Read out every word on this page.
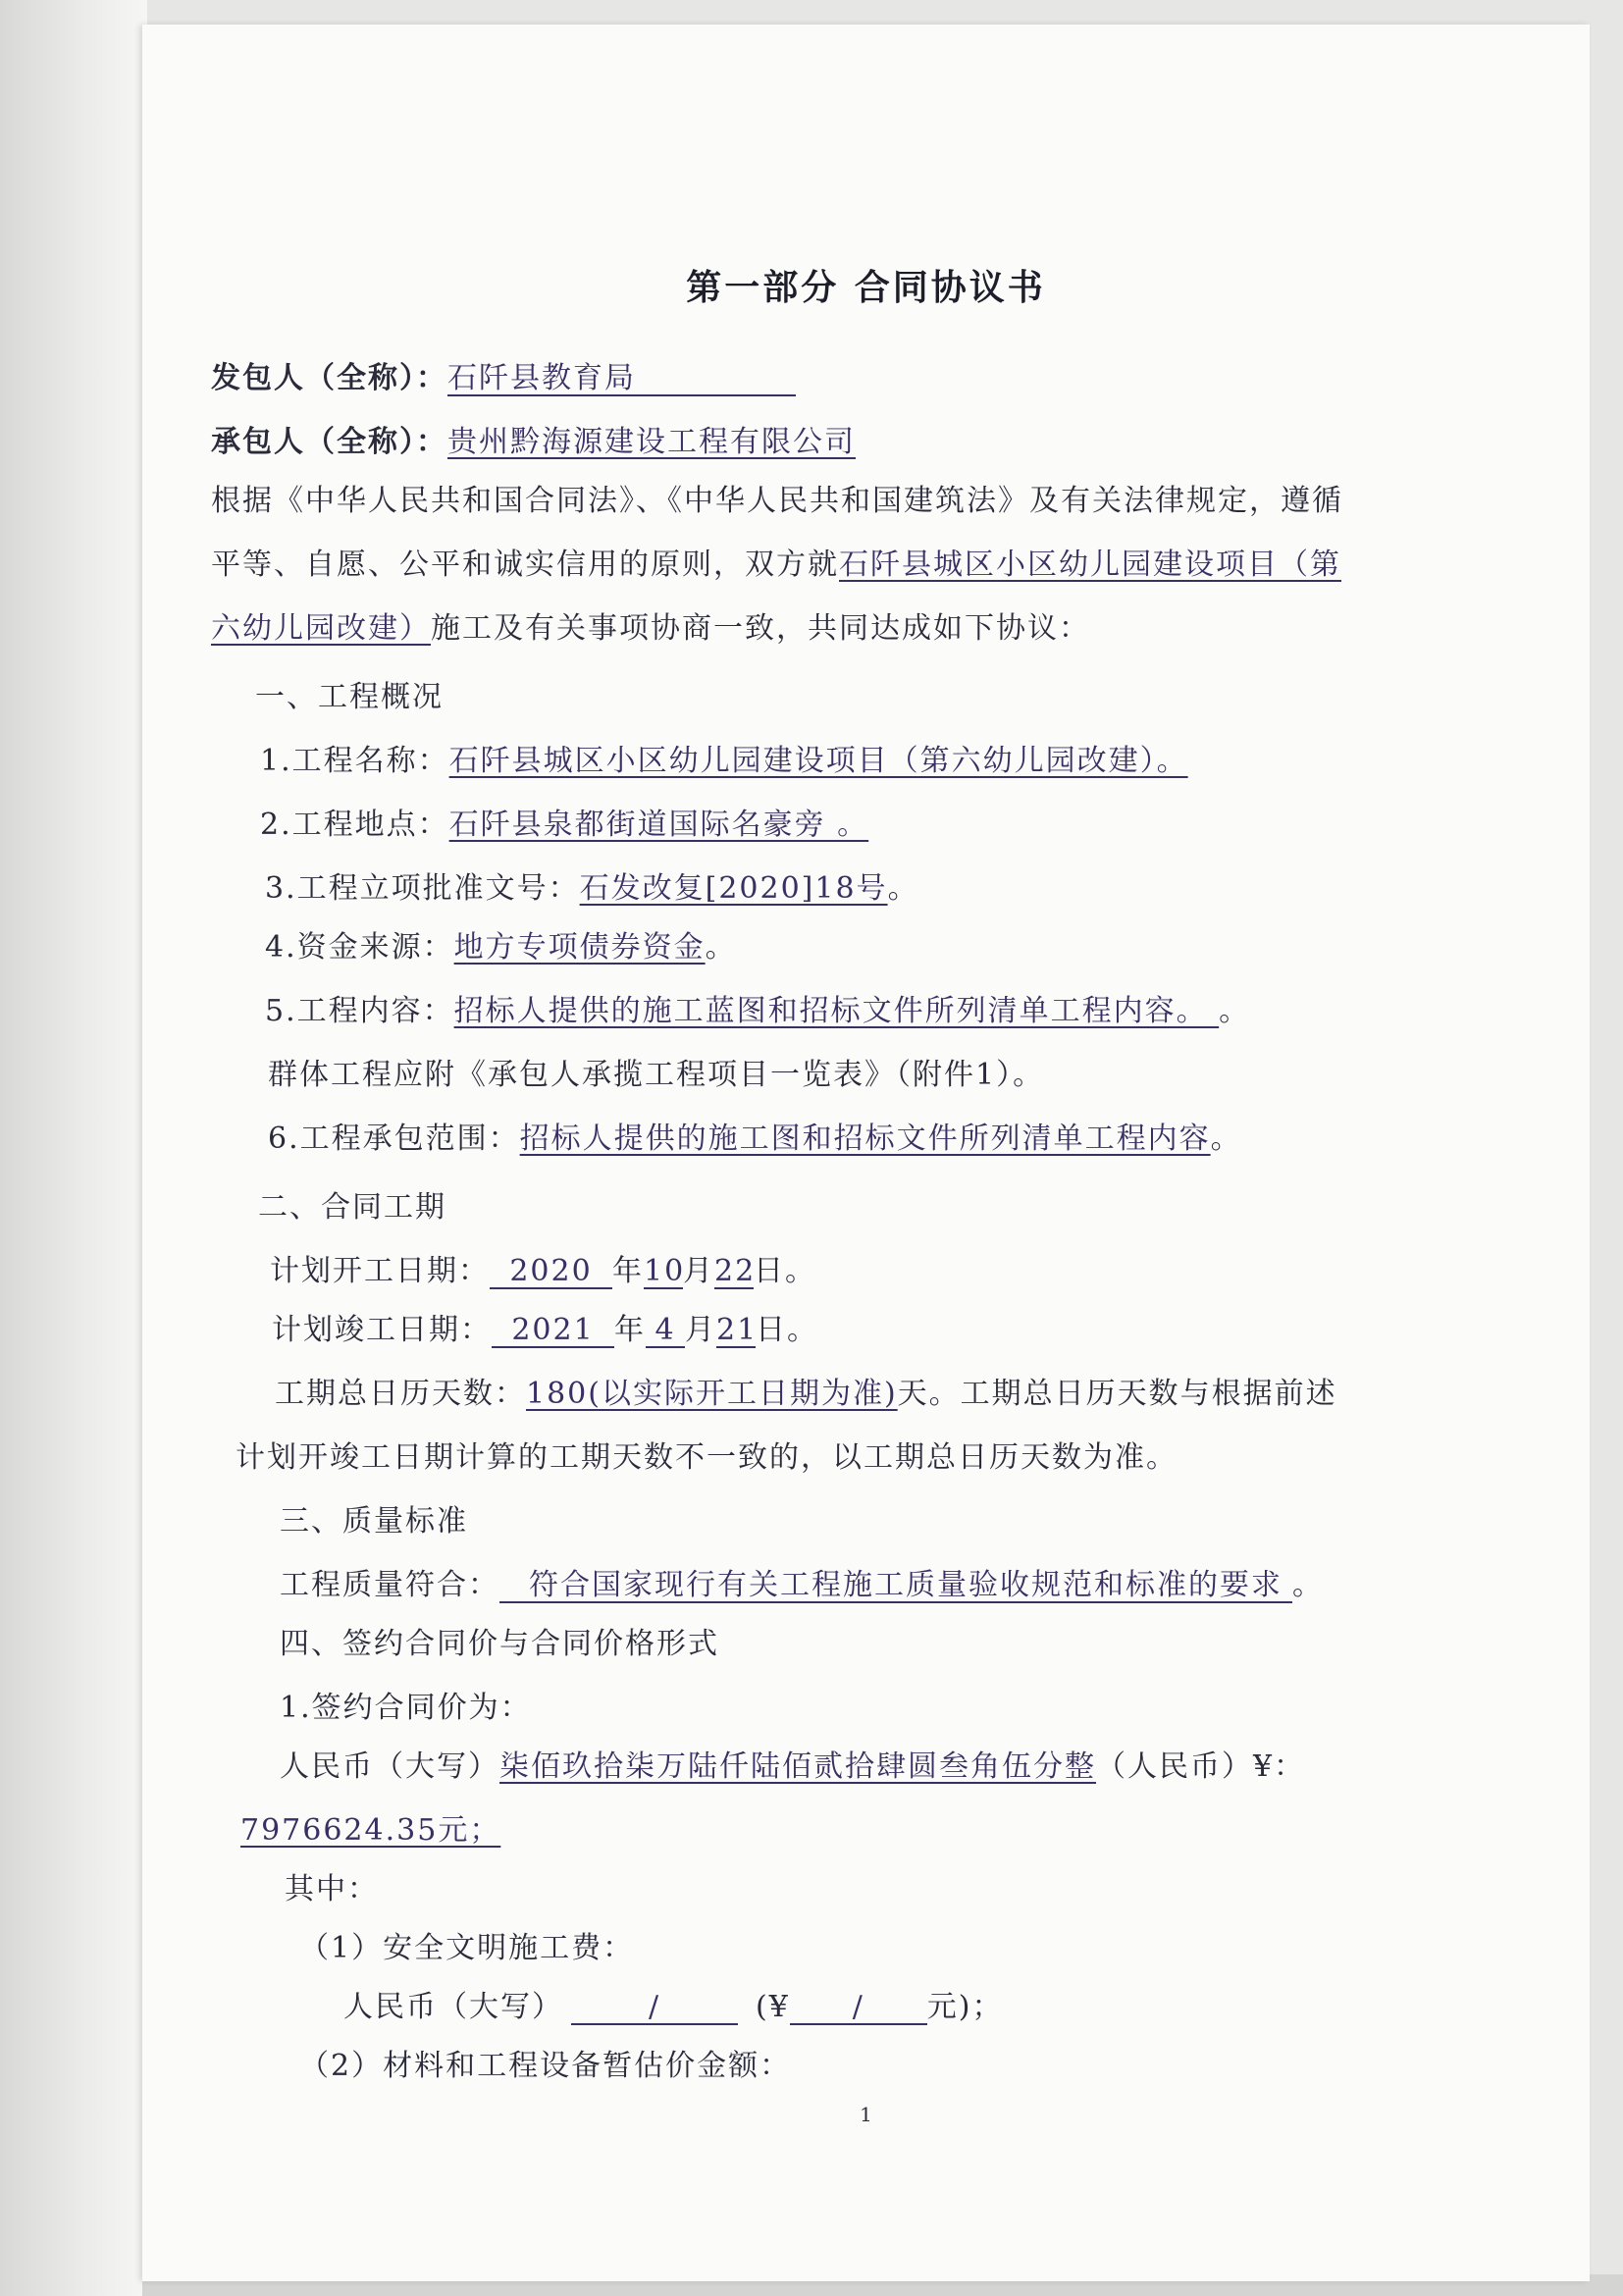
第一部分 合同协议书
发包人（全称）：石阡县教育局
承包人（全称）：贵州黔海源建设工程有限公司
根据《中华人民共和国合同法》、《中华人民共和国建筑法》及有关法律规定，遵循
平等、自愿、公平和诚实信用的原则，双方就石阡县城区小区幼儿园建设项目（第
六幼儿园改建）施工及有关事项协商一致，共同达成如下协议：
一、工程概况
1.工程名称：石阡县城区小区幼儿园建设项目（第六幼儿园改建）。
2.工程地点：石阡县泉都街道国际名豪旁 。
3.工程立项批准文号：石发改复[2020]18号。
4.资金来源：地方专项债券资金。
5.工程内容：招标人提供的施工蓝图和招标文件所列清单工程内容。 。
群体工程应附《承包人承揽工程项目一览表》（附件1）。
6.工程承包范围：招标人提供的施工图和招标文件所列清单工程内容。
二、合同工期
计划开工日期： 2020 年10月22日。
计划竣工日期： 2021 年 4 月21日。
工期总日历天数：180(以实际开工日期为准)天。工期总日历天数与根据前述
计划开竣工日期计算的工期天数不一致的，以工期总日历天数为准。
三、质量标准
工程质量符合： 符合国家现行有关工程施工质量验收规范和标准的要求 。
四、签约合同价与合同价格形式
1.签约合同价为：
人民币（大写）柒佰玖拾柒万陆仟陆佰贰拾肆圆叁角伍分整（人民币）¥：
7976624.35元；
其中：
（1）安全文明施工费：
人民币（大写）	/	(¥ / 元)；
（2）材料和工程设备暂估价金额：
1
